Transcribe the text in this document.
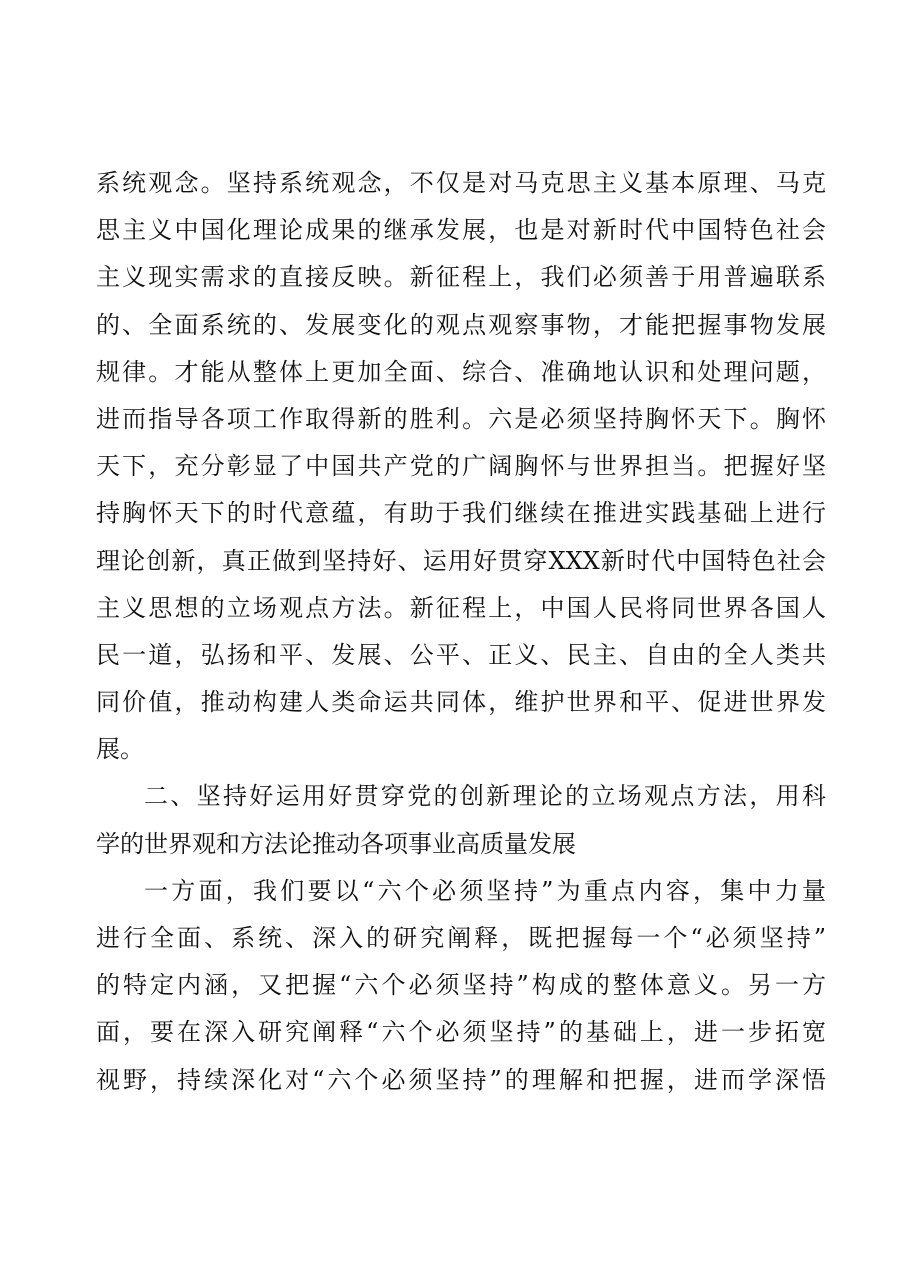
系统观念。坚持系统观念，不仅是对马克思主义基本原理、马克
思主义中国化理论成果的继承发展，也是对新时代中国特色社会
主义现实需求的直接反映。新征程上，我们必须善于用普遍联系
的、全面系统的、发展变化的观点观察事物，才能把握事物发展
规律。才能从整体上更加全面、综合、准确地认识和处理问题，
进而指导各项工作取得新的胜利。六是必须坚持胸怀天下。胸怀
天下，充分彰显了中国共产党的广阔胸怀与世界担当。把握好坚
持胸怀天下的时代意蕴，有助于我们继续在推进实践基础上进行
理论创新，真正做到坚持好、运用好贯穿XXX新时代中国特色社会
主义思想的立场观点方法。新征程上，中国人民将同世界各国人
民一道，弘扬和平、发展、公平、正义、民主、自由的全人类共
同价值，推动构建人类命运共同体，维护世界和平、促进世界发
展。
二、坚持好运用好贯穿党的创新理论的立场观点方法，用科
学的世界观和方法论推动各项事业高质量发展
一方面，我们要以“六个必须坚持”为重点内容，集中力量
进行全面、系统、深入的研究阐释，既把握每一个“必须坚持”
的特定内涵，又把握“六个必须坚持”构成的整体意义。另一方
面，要在深入研究阐释“六个必须坚持”的基础上，进一步拓宽
视野，持续深化对“六个必须坚持”的理解和把握，进而学深悟
